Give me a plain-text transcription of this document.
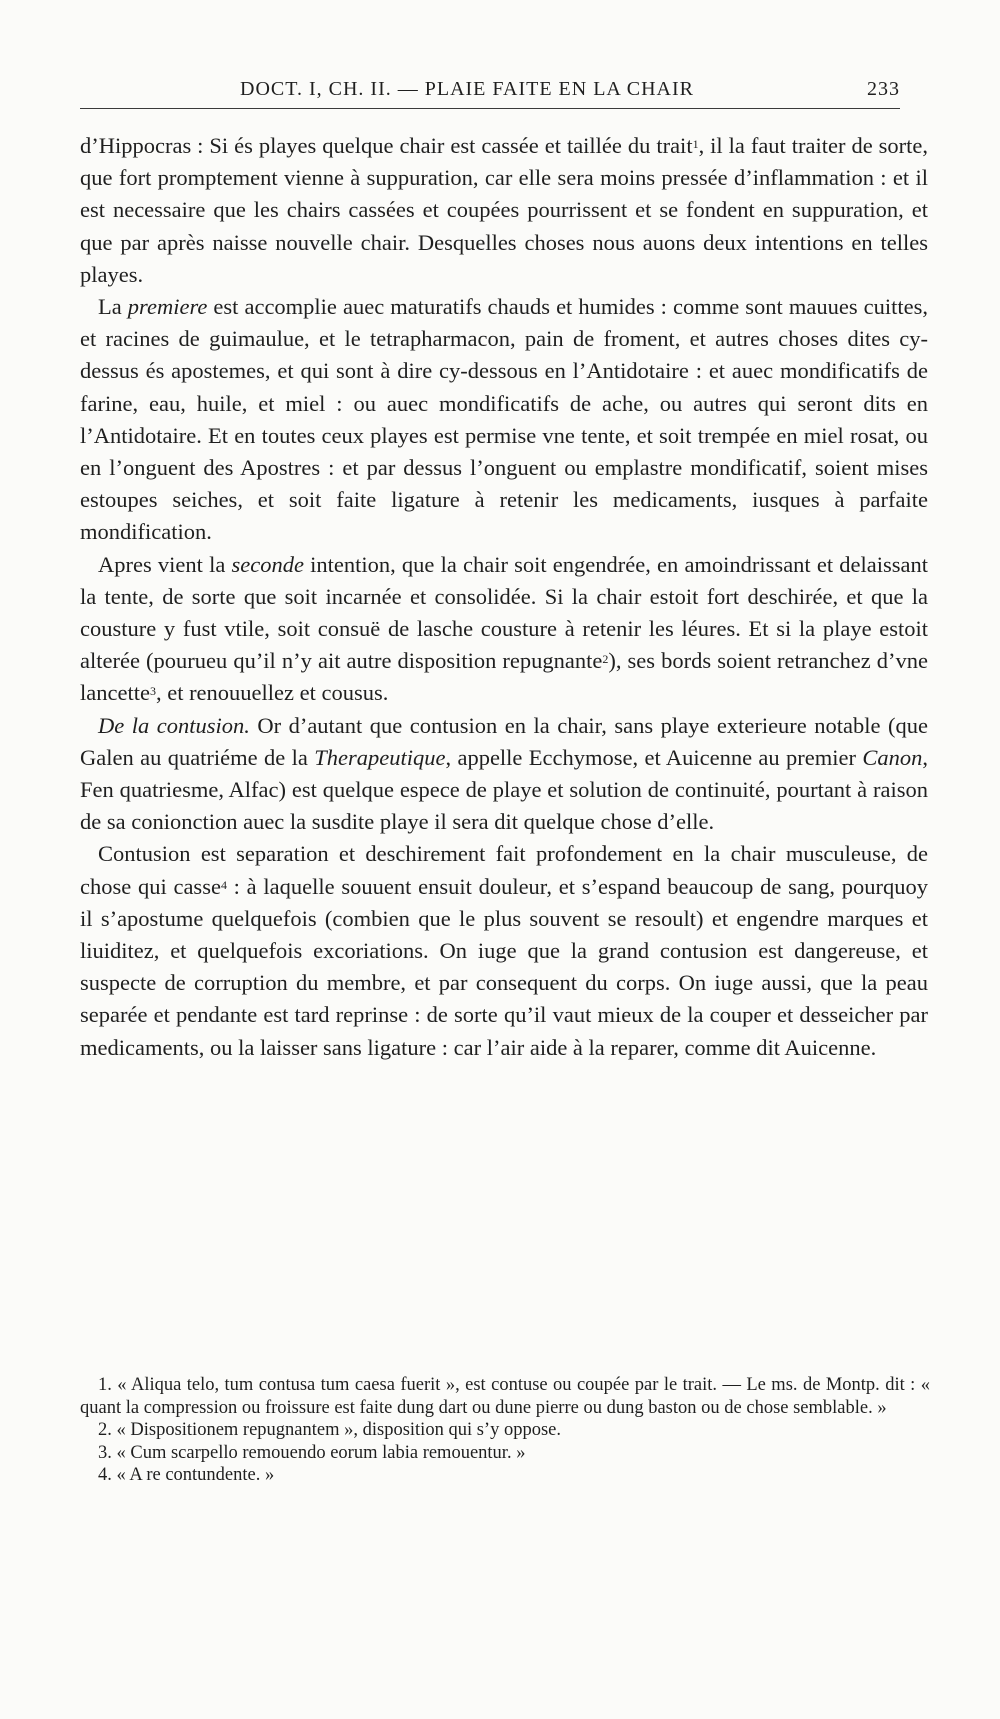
DOCT. I, CH. II. — PLAIE FAITE EN LA CHAIR	233

d’Hippocras : Si és playes quelque chair est cassée et taillée du trait$^1$, il la faut traiter de sorte, que fort promptement vienne à suppuration, car elle sera moins pressée d’inflammation : et il est necessaire que les chairs cassées et coupées pourrissent et se fondent en suppuration, et que par après naisse nouvelle chair. Desquelles choses nous auons deux intentions en telles playes.

La premiere est accomplie auec maturatifs chauds et humides : comme sont mauues cuittes, et racines de guimaulue, et le tetrapharmacon, pain de froment, et autres choses dites cy-dessus és apostemes, et qui sont à dire cy-dessous en l’Antidotaire : et auec mondificatifs de farine, eau, huile, et miel : ou auec mondificatifs de ache, ou autres qui seront dits en l’Antidotaire. Et en toutes ceux playes est permise vne tente, et soit trempée en miel rosat, ou en l’onguent des Apostres : et par dessus l’onguent ou emplastre mondificatif, soient mises estoupes seiches, et soit faite ligature à retenir les medicaments, iusques à parfaite mondification.

Apres vient la seconde intention, que la chair soit engendrée, en amoindrissant et delaissant la tente, de sorte que soit incarnée et consolidée. Si la chair estoit fort deschirée, et que la cousture y fust vtile, soit consuë de lasche cousture à retenir les léures. Et si la playe estoit alterée (pourueu qu’il n’y ait autre disposition repugnante$^2$), ses bords soient retranchez d’vne lancette$^3$, et renouuellez et cousus.

De la contusion. Or d’autant que contusion en la chair, sans playe exterieure notable (que Galen au quatriéme de la Therapeutique, appelle Ecchymose, et Auicenne au premier Canon, Fen quatriesme, Alfac) est quelque espece de playe et solution de continuité, pourtant à raison de sa conionction auec la susdite playe il sera dit quelque chose d’elle.

Contusion est separation et deschirement fait profondement en la chair musculeuse, de chose qui casse$^4$ : à laquelle souuent ensuit douleur, et s’espand beaucoup de sang, pourquoy il s’apostume quelquefois (combien que le plus souvent se resoult) et engendre marques et liuiditez, et quelquefois excoriations. On iuge que la grand contusion est dangereuse, et suspecte de corruption du membre, et par consequent du corps. On iuge aussi, que la peau separée et pendante est tard reprinse : de sorte qu’il vaut mieux de la couper et desseicher par medicaments, ou la laisser sans ligature : car l’air aide à la reparer, comme dit Auicenne.

1. « Aliqua telo, tum contusa tum caesa fuerit », est contuse ou coupée par le trait. — Le ms. de Montp. dit : « quant la compression ou froissure est faite dung dart ou dune pierre ou dung baston ou de chose semblable. »

2. « Dispositionem repugnantem », disposition qui s’y oppose.

3. « Cum scarpello remouendo eorum labia remouentur. »

4. « A re contundente. »
